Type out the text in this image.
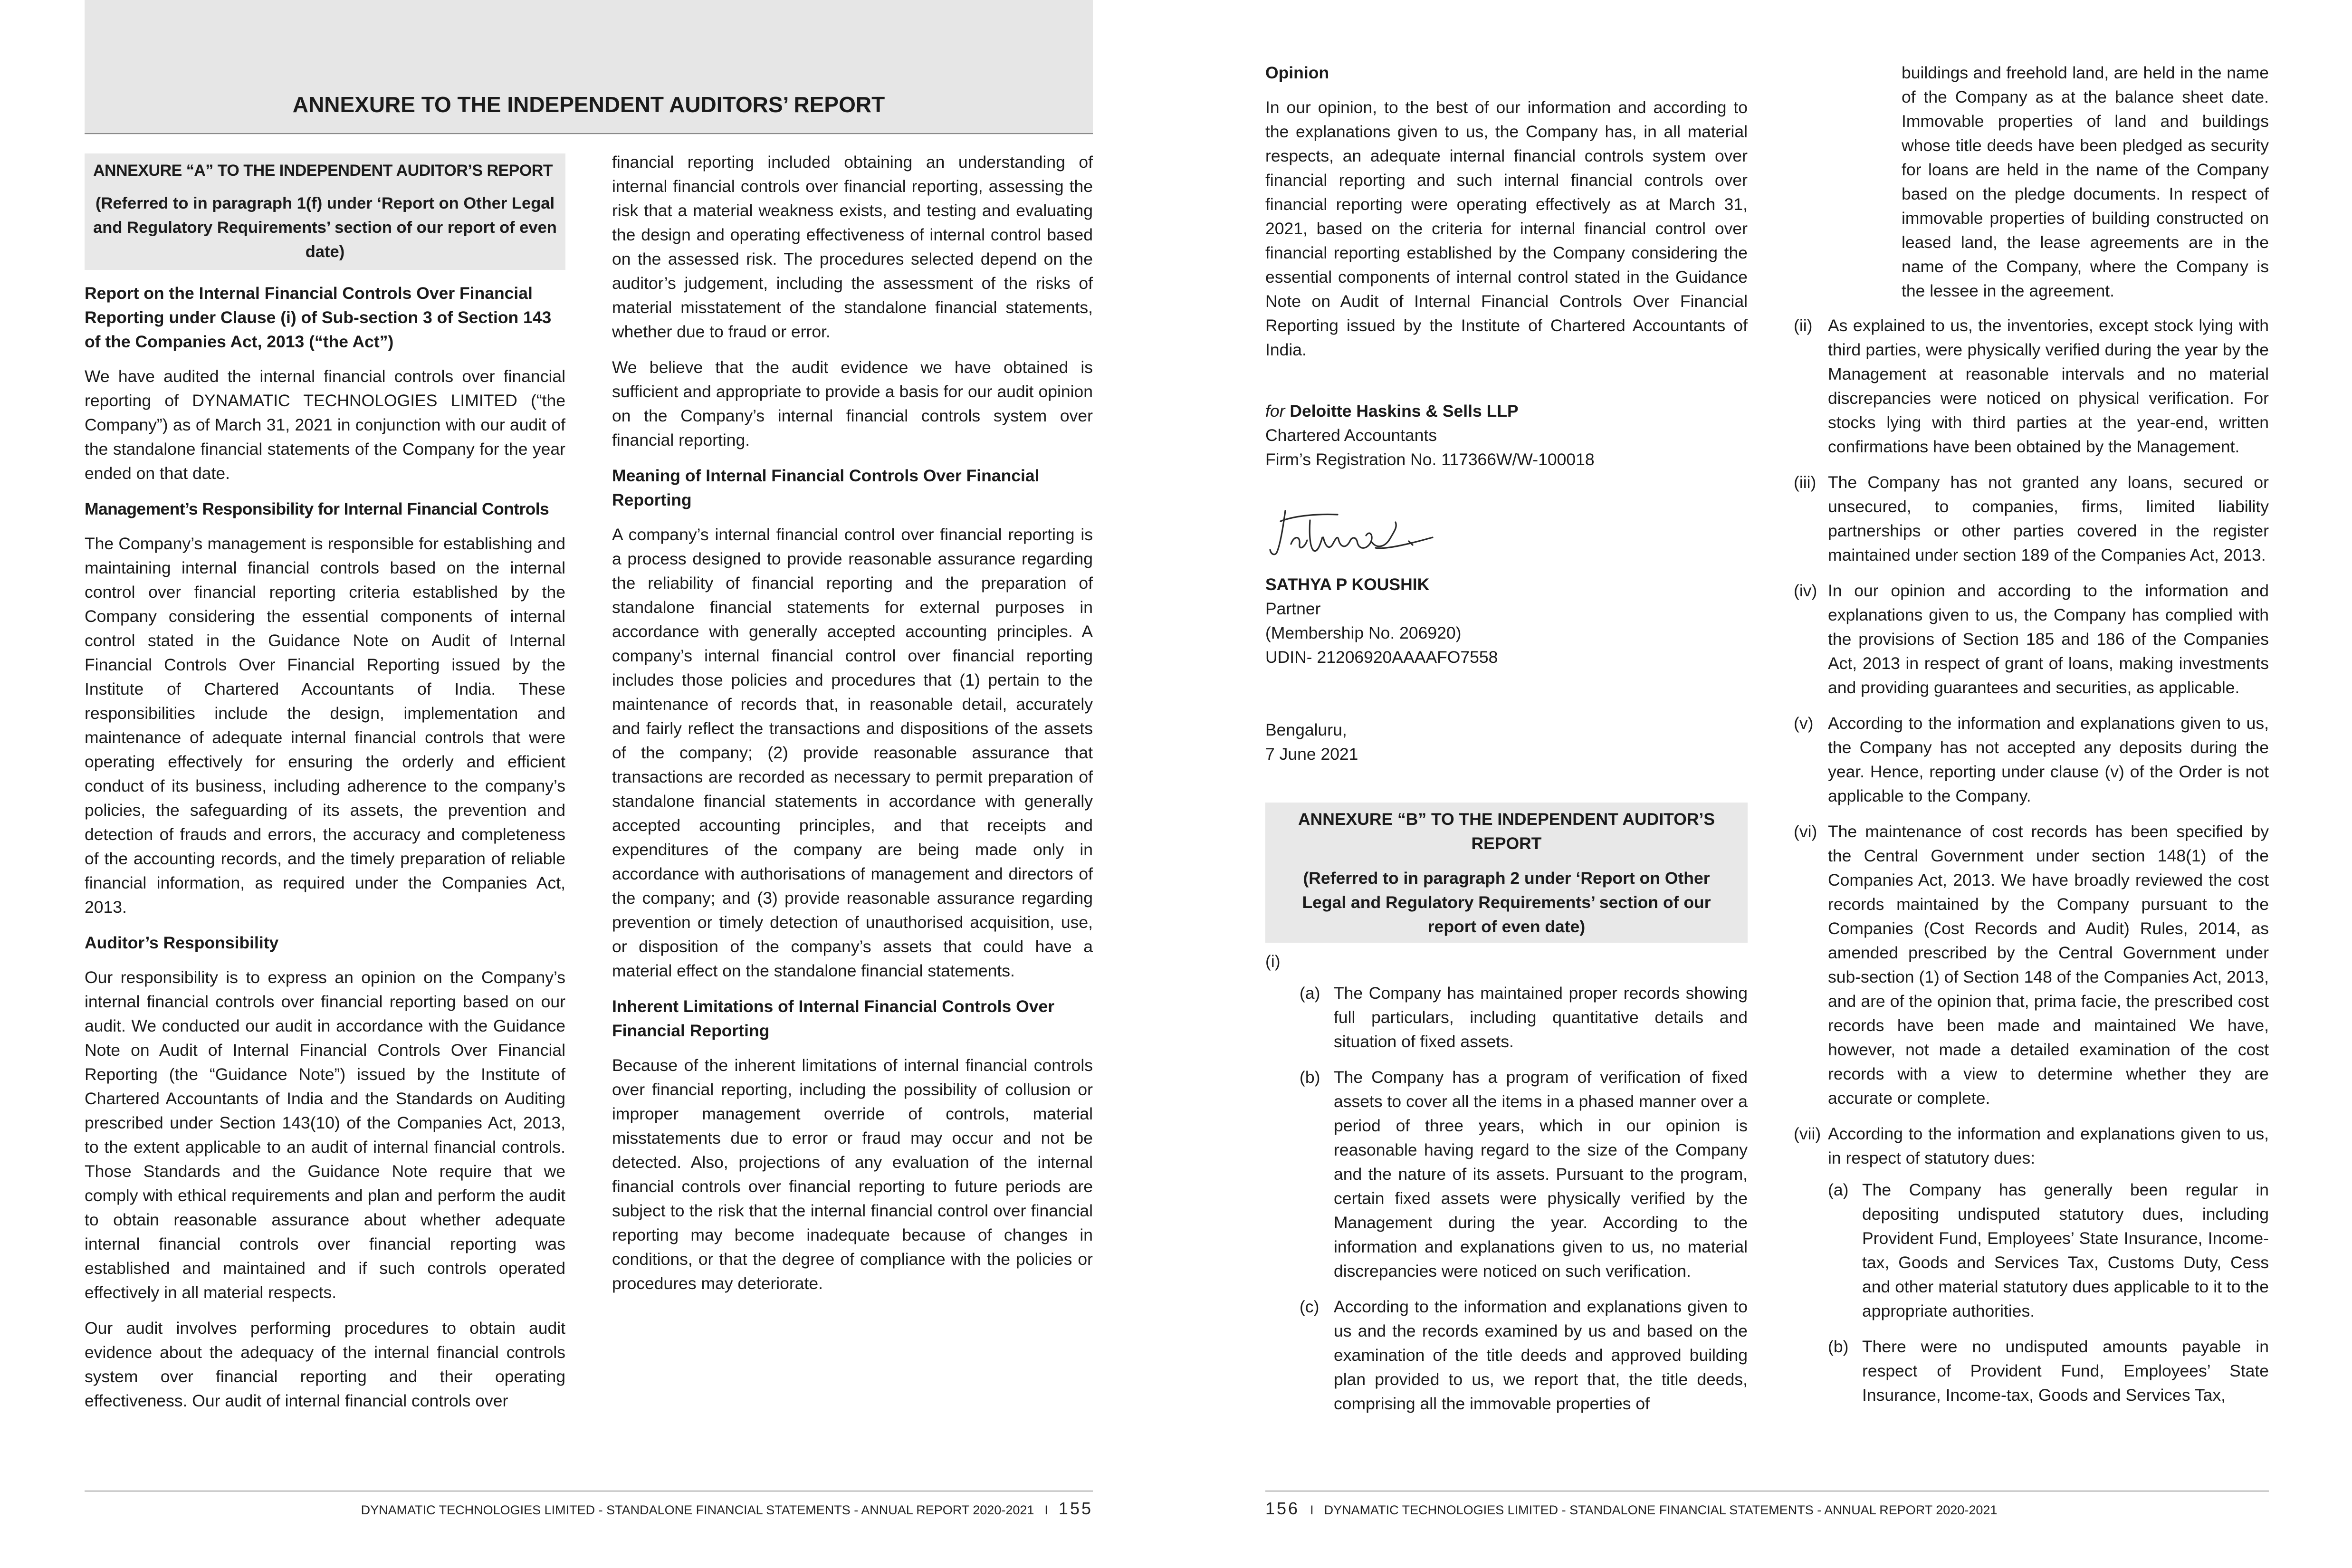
ANNEXURE TO THE INDEPENDENT AUDITORS’ REPORT
ANNEXURE “A” TO THE INDEPENDENT AUDITOR’S REPORT
(Referred to in paragraph 1(f) under ‘Report on Other Legal and Regulatory Requirements’ section of our report of even date)

Report on the Internal Financial Controls Over Financial Reporting under Clause (i) of Sub-section 3 of Section 143 of the Companies Act, 2013 (“the Act”)

We have audited the internal financial controls over financial reporting of DYNAMATIC TECHNOLOGIES LIMITED (“the Company”) as of March 31, 2021 in conjunction with our audit of the standalone financial statements of the Company for the year ended on that date.

Management’s Responsibility for Internal Financial Controls

The Company’s management is responsible for establishing and maintaining internal financial controls based on the internal control over financial reporting criteria established by the Company considering the essential components of internal control stated in the Guidance Note on Audit of Internal Financial Controls Over Financial Reporting issued by the Institute of Chartered Accountants of India. These responsibilities include the design, implementation and maintenance of adequate internal financial controls that were operating effectively for ensuring the orderly and efficient conduct of its business, including adherence to the company’s policies, the safeguarding of its assets, the prevention and detection of frauds and errors, the accuracy and completeness of the accounting records, and the timely preparation of reliable financial information, as required under the Companies Act, 2013.

Auditor’s Responsibility

Our responsibility is to express an opinion on the Company’s internal financial controls over financial reporting based on our audit. We conducted our audit in accordance with the Guidance Note on Audit of Internal Financial Controls Over Financial Reporting (the “Guidance Note”) issued by the Institute of Chartered Accountants of India and the Standards on Auditing prescribed under Section 143(10) of the Companies Act, 2013, to the extent applicable to an audit of internal financial controls. Those Standards and the Guidance Note require that we comply with ethical requirements and plan and perform the audit to obtain reasonable assurance about whether adequate internal financial controls over financial reporting was established and maintained and if such controls operated effectively in all material respects.

Our audit involves performing procedures to obtain audit evidence about the adequacy of the internal financial controls system over financial reporting and their operating effectiveness. Our audit of internal financial controls over

financial reporting included obtaining an understanding of internal financial controls over financial reporting, assessing the risk that a material weakness exists, and testing and evaluating the design and operating effectiveness of internal control based on the assessed risk. The procedures selected depend on the auditor’s judgement, including the assessment of the risks of material misstatement of the standalone financial statements, whether due to fraud or error.

We believe that the audit evidence we have obtained is sufficient and appropriate to provide a basis for our audit opinion on the Company’s internal financial controls system over financial reporting.

Meaning of Internal Financial Controls Over Financial Reporting

A company’s internal financial control over financial reporting is a process designed to provide reasonable assurance regarding the reliability of financial reporting and the preparation of standalone financial statements for external purposes in accordance with generally accepted accounting principles. A company’s internal financial control over financial reporting includes those policies and procedures that (1) pertain to the maintenance of records that, in reasonable detail, accurately and fairly reflect the transactions and dispositions of the assets of the company; (2) provide reasonable assurance that transactions are recorded as necessary to permit preparation of standalone financial statements in accordance with generally accepted accounting principles, and that receipts and expenditures of the company are being made only in accordance with authorisations of management and directors of the company; and (3) provide reasonable assurance regarding prevention or timely detection of unauthorised acquisition, use, or disposition of the company’s assets that could have a material effect on the standalone financial statements.

Inherent Limitations of Internal Financial Controls Over Financial Reporting

Because of the inherent limitations of internal financial controls over financial reporting, including the possibility of collusion or improper management override of controls, material misstatements due to error or fraud may occur and not be detected. Also, projections of any evaluation of the internal financial controls over financial reporting to future periods are subject to the risk that the internal financial control over financial reporting may become inadequate because of changes in conditions, or that the degree of compliance with the policies or procedures may deteriorate.

DYNAMATIC TECHNOLOGIES LIMITED - STANDALONE FINANCIAL STATEMENTS - ANNUAL REPORT 2020-2021 I 155

Opinion

In our opinion, to the best of our information and according to the explanations given to us, the Company has, in all material respects, an adequate internal financial controls system over financial reporting and such internal financial controls over financial reporting were operating effectively as at March 31, 2021, based on the criteria for internal financial control over financial reporting established by the Company considering the essential components of internal control stated in the Guidance Note on Audit of Internal Financial Controls Over Financial Reporting issued by the Institute of Chartered Accountants of India.

for Deloitte Haskins & Sells LLP

Chartered Accountants

Firm’s Registration No. 117366W/W-100018

SATHYA P KOUSHIK

Partner

(Membership No. 206920)

UDIN- 21206920AAAAFO7558

Bengaluru,

7 June 2021

ANNEXURE “B” TO THE INDEPENDENT AUDITOR’S REPORT
(Referred to in paragraph 2 under ‘Report on Other Legal and Regulatory Requirements’ section of our report of even date)

(i)

(a) The Company has maintained proper records showing full particulars, including quantitative details and situation of fixed assets.
(b) The Company has a program of verification of fixed assets to cover all the items in a phased manner over a period of three years, which in our opinion is reasonable having regard to the size of the Company and the nature of its assets. Pursuant to the program, certain fixed assets were physically verified by the Management during the year. According to the information and explanations given to us, no material discrepancies were noticed on such verification.
(c) According to the information and explanations given to us and the records examined by us and based on the examination of the title deeds and approved building plan provided to us, we report that, the title deeds, comprising all the immovable properties of
buildings and freehold land, are held in the name of the Company as at the balance sheet date. Immovable properties of land and buildings whose title deeds have been pledged as security for loans are held in the name of the Company based on the pledge documents. In respect of immovable properties of building constructed on leased land, the lease agreements are in the name of the Company, where the Company is the lessee in the agreement.
(ii) As explained to us, the inventories, except stock lying with third parties, were physically verified during the year by the Management at reasonable intervals and no material discrepancies were noticed on physical verification. For stocks lying with third parties at the year-end, written confirmations have been obtained by the Management.
(iii) The Company has not granted any loans, secured or unsecured, to companies, firms, limited liability partnerships or other parties covered in the register maintained under section 189 of the Companies Act, 2013.
(iv) In our opinion and according to the information and explanations given to us, the Company has complied with the provisions of Section 185 and 186 of the Companies Act, 2013 in respect of grant of loans, making investments and providing guarantees and securities, as applicable.
(v) According to the information and explanations given to us, the Company has not accepted any deposits during the year. Hence, reporting under clause (v) of the Order is not applicable to the Company.
(vi) The maintenance of cost records has been specified by the Central Government under section 148(1) of the Companies Act, 2013. We have broadly reviewed the cost records maintained by the Company pursuant to the Companies (Cost Records and Audit) Rules, 2014, as amended prescribed by the Central Government under sub-section (1) of Section 148 of the Companies Act, 2013, and are of the opinion that, prima facie, the prescribed cost records have been made and maintained We have, however, not made a detailed examination of the cost records with a view to determine whether they are accurate or complete.
(vii) According to the information and explanations given to us, in respect of statutory dues:
(a) The Company has generally been regular in depositing undisputed statutory dues, including Provident Fund, Employees’ State Insurance, Income-tax, Goods and Services Tax, Customs Duty, Cess and other material statutory dues applicable to it to the appropriate authorities.
(b) There were no undisputed amounts payable in respect of Provident Fund, Employees’ State Insurance, Income-tax, Goods and Services Tax,
156 I DYNAMATIC TECHNOLOGIES LIMITED - STANDALONE FINANCIAL STATEMENTS - ANNUAL REPORT 2020-2021
